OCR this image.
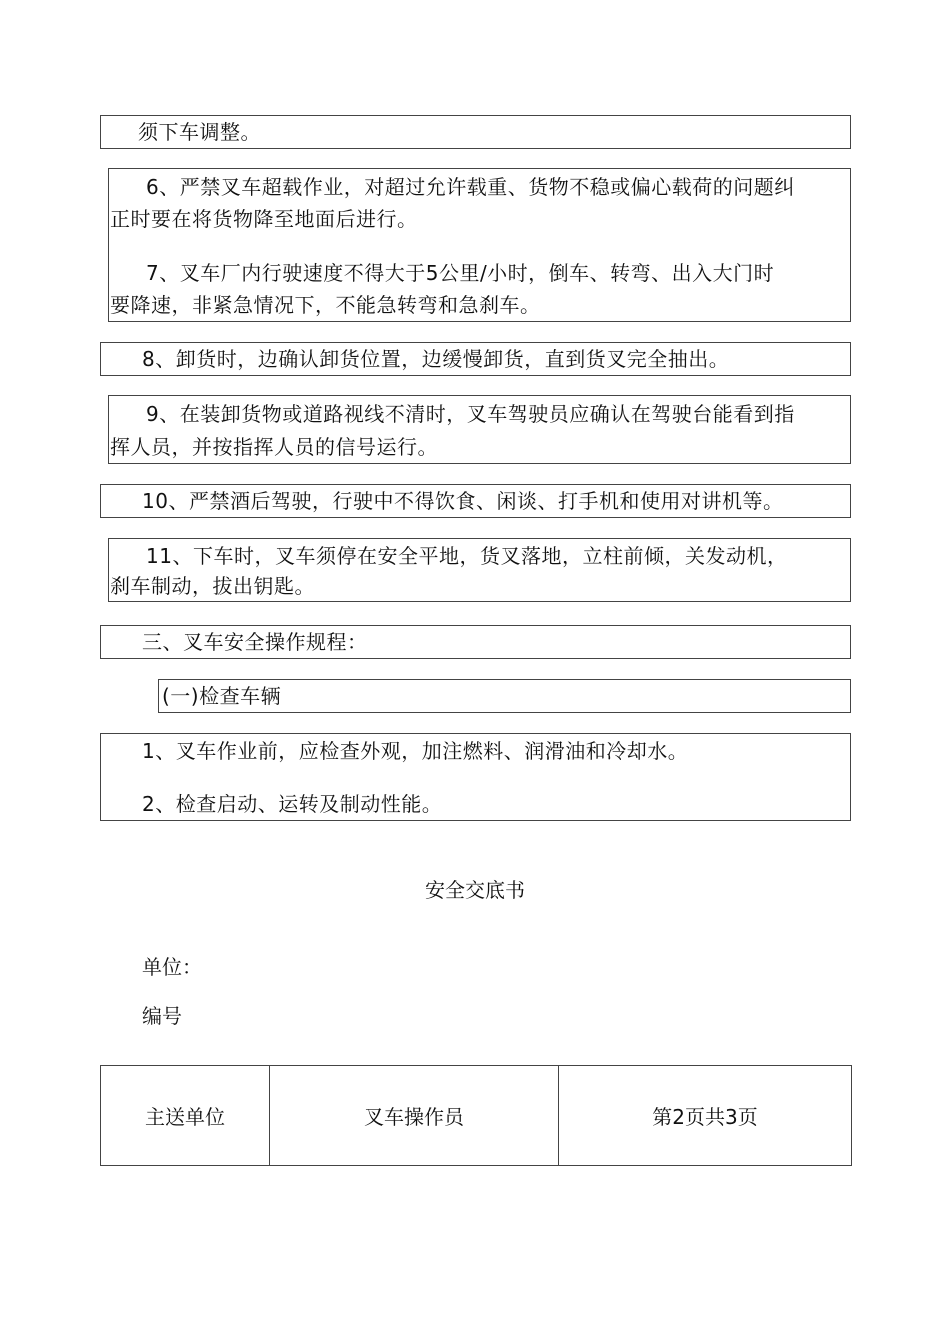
须下车调整。
6、严禁叉车超载作业，对超过允许载重、货物不稳或偏心载荷的问题纠
正时要在将货物降至地面后进行。
7、叉车厂内行驶速度不得大于5公里/小时，倒车、转弯、出入大门时
要降速，非紧急情况下，不能急转弯和急刹车。
8、卸货时，边确认卸货位置，边缓慢卸货，直到货叉完全抽出。
9、在装卸货物或道路视线不清时，叉车驾驶员应确认在驾驶台能看到指
挥人员，并按指挥人员的信号运行。
10、严禁酒后驾驶，行驶中不得饮食、闲谈、打手机和使用对讲机等。
11、下车时，叉车须停在安全平地，货叉落地，立柱前倾，关发动机，
刹车制动，拔出钥匙。
三、叉车安全操作规程：
(一)检查车辆
1、叉车作业前，应检查外观，加注燃料、润滑油和冷却水。
2、检查启动、运转及制动性能。
安全交底书
单位：
编号
主送单位	叉车操作员	第2页共3页
